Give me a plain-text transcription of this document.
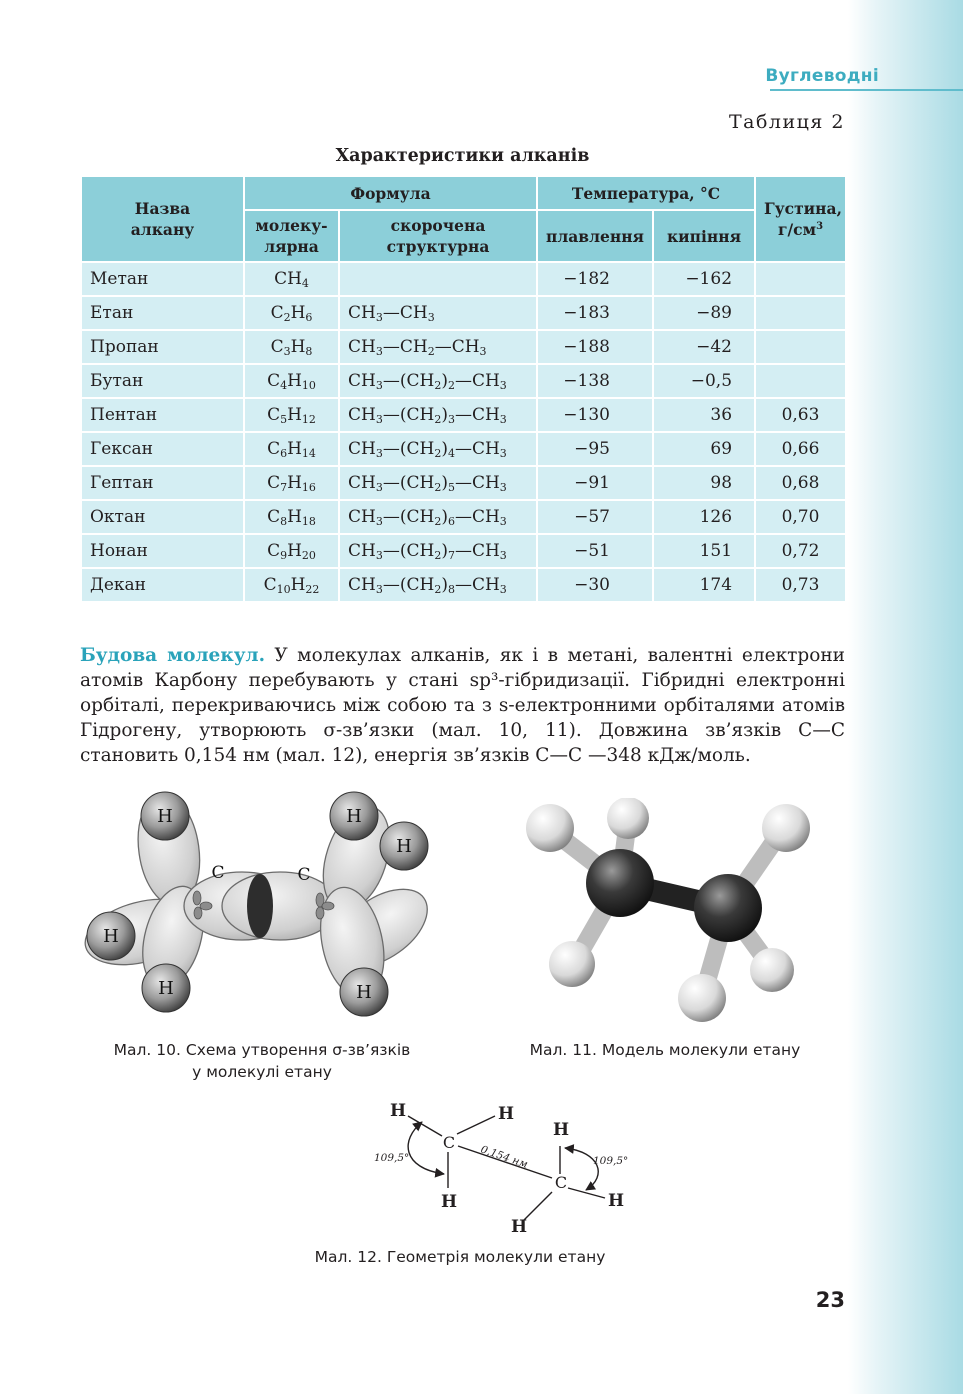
Вуглеводні
Таблиця 2
Характеристики алканів
Назва алкану	Формула		Температура, °С		Густина, $г/см^3$
	молеку-лярна	скорочена структурна	плавлення	кипіння	
Метан	$CH_4$		−182	−162	
Етан	$C_2H_6$	$CH_3—CH_3$	−183	−89	
Пропан	$C_3H_8$	$CH_3—CH_2—CH_3$	−188	−42	
Бутан	$C_4H_{10}$	$CH_3—(CH_2)_2—CH_3$	−138	−0,5	
Пентан	$C_5H_{12}$	$CH_3—(CH_2)_3—CH_3$	−130	36	0,63
Гексан	$C_6H_{14}$	$CH_3—(CH_2)_4—CH_3$	−95	69	0,66
Гептан	$C_7H_{16}$	$CH_3—(CH_2)_5—CH_3$	−91	98	0,68
Октан	$C_8H_{18}$	$CH_3—(CH_2)_6—CH_3$	−57	126	0,70
Нонан	$C_9H_{20}$	$CH_3—(CH_2)_7—CH_3$	−51	151	0,72
Декан	$C_{10}H_{22}$	$CH_3—(CH_2)_8—CH_3$	−30	174	0,73

Будова молекул. У молекулах алканів, як і в метані, валентні електрони атомів Карбону перебувають у стані sp³-гібридизації. Гібридні електронні орбіталі, перекриваючись між собою та з s-електронними орбіталями атомів Гідрогену, утворюють σ-зв’язки (мал. 10, 11). Довжина зв’язків С—С становить 0,154 нм (мал. 12), енергія зв’язків С—С —348 кДж/моль.

H
H
H
H
H
H
C	C
Мал. 10. Схема утворення σ-зв’язків
у молекулі етану
Мал. 11. Модель молекули етану
H	H
H
H
H
H
C
C
109,5°	109,5°
0,154 нм
Мал. 12. Геометрія молекули етану
23
